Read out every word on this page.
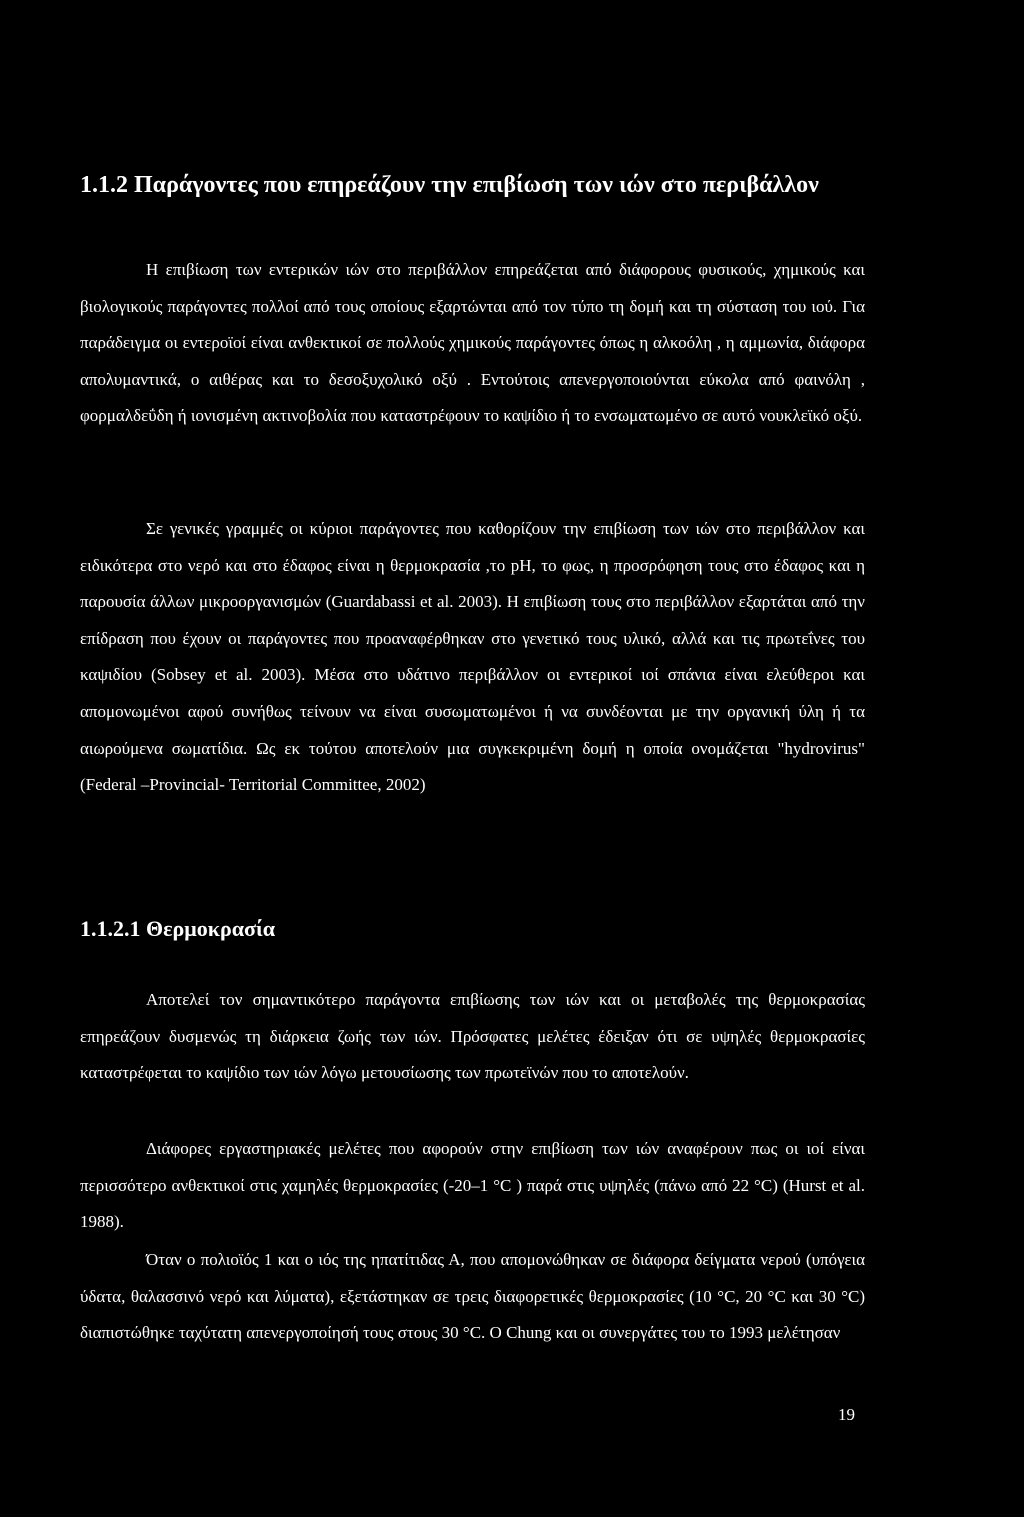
1.1.2 Παράγοντες που επηρεάζουν την επιβίωση των ιών στο περιβάλλον

Η επιβίωση των εντερικών ιών στο περιβάλλον επηρεάζεται από διάφορους φυσικούς, χημικούς και βιολογικούς παράγοντες πολλοί από τους οποίους εξαρτώνται από τον τύπο τη δομή και τη σύσταση του ιού. Για παράδειγμα οι εντεροϊοί είναι ανθεκτικοί σε πολλούς χημικούς παράγοντες όπως η αλκοόλη , η αμμωνία, διάφορα απολυμαντικά, ο αιθέρας και το δεσοξυχολικό οξύ . Εντούτοις απενεργοποιούνται εύκολα από φαινόλη , φορμαλδεΰδη ή ιονισμένη ακτινοβολία που καταστρέφουν το καψίδιο ή το ενσωματωμένο σε αυτό νουκλεϊκό οξύ.

Σε γενικές γραμμές οι κύριοι παράγοντες που καθορίζουν την επιβίωση των ιών στο περιβάλλον και ειδικότερα στο νερό και στο έδαφος είναι η θερμοκρασία ,το pH, το φως, η προσρόφηση τους στο έδαφος και η παρουσία άλλων μικροοργανισμών (Guardabassi et al. 2003). Η επιβίωση τους στο περιβάλλον εξαρτάται από την επίδραση που έχουν οι παράγοντες που προαναφέρθηκαν στο γενετικό τους υλικό, αλλά και τις πρωτεΐνες του καψιδίου (Sobsey et al. 2003). Μέσα στο υδάτινο περιβάλλον οι εντερικοί ιοί σπάνια είναι ελεύθεροι και απομονωμένοι αφού συνήθως τείνουν να είναι συσωματωμένοι ή να συνδέονται με την οργανική ύλη ή τα αιωρούμενα σωματίδια. Ως εκ τούτου αποτελούν μια συγκεκριμένη δομή η οποία ονομάζεται "hydrovirus" (Federal –Provincial- Territorial Committee, 2002)

1.1.2.1 Θερμοκρασία

Αποτελεί τον σημαντικότερο παράγοντα επιβίωσης των ιών και οι μεταβολές της θερμοκρασίας επηρεάζουν δυσμενώς τη διάρκεια ζωής των ιών. Πρόσφατες μελέτες έδειξαν ότι σε υψηλές θερμοκρασίες καταστρέφεται το καψίδιο των ιών λόγω μετουσίωσης των πρωτεϊνών που το αποτελούν.

Διάφορες εργαστηριακές μελέτες που αφορούν στην επιβίωση των ιών αναφέρουν πως οι ιοί είναι περισσότερο ανθεκτικοί στις χαμηλές θερμοκρασίες (-20–1 °C ) παρά στις υψηλές (πάνω από 22 °C) (Hurst et al. 1988).

Όταν ο πολιοϊός 1 και ο ιός της ηπατίτιδας Α, που απομονώθηκαν σε διάφορα δείγματα νερού (υπόγεια ύδατα, θαλασσινό νερό και λύματα), εξετάστηκαν σε τρεις διαφορετικές θερμοκρασίες (10 °C, 20 °C και 30 °C) διαπιστώθηκε ταχύτατη απενεργοποίησή τους στους 30 °C. Ο Chung και οι συνεργάτες του το 1993 μελέτησαν

19
